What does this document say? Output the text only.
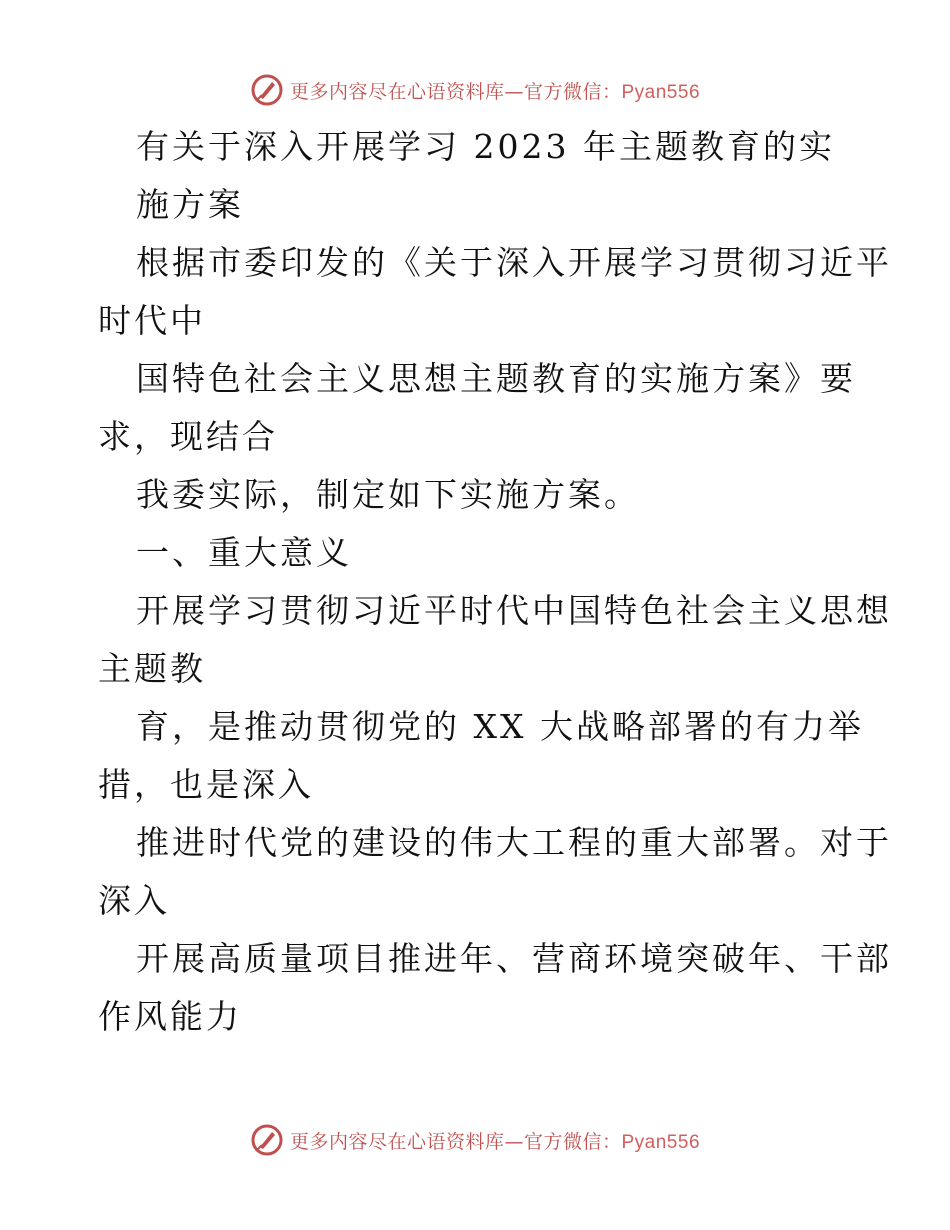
更多内容尽在心语资料库—官方微信：Pyan556
有关于深入开展学习 2023 年主题教育的实
施方案
根据市委印发的《关于深入开展学习贯彻习近平
时代中
国特色社会主义思想主题教育的实施方案》要
求，现结合
我委实际，制定如下实施方案。
一、重大意义
开展学习贯彻习近平时代中国特色社会主义思想
主题教
育，是推动贯彻党的 XX 大战略部署的有力举
措，也是深入
推进时代党的建设的伟大工程的重大部署。对于
深入
开展高质量项目推进年、营商环境突破年、干部
作风能力
更多内容尽在心语资料库—官方微信：Pyan556
